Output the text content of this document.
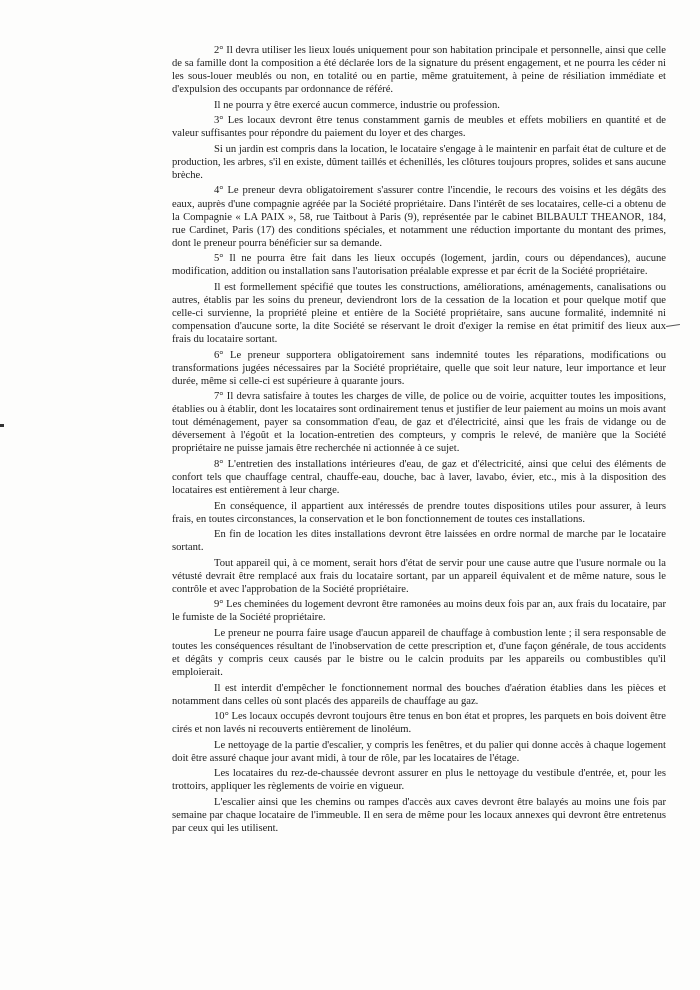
2° Il devra utiliser les lieux loués uniquement pour son habitation principale et personnelle, ainsi que celle de sa famille dont la composition a été déclarée lors de la signature du présent engagement, et ne pourra les céder ni les sous-louer meublés ou non, en totalité ou en partie, même gratuitement, à peine de résiliation immédiate et d'expulsion des occupants par ordonnance de référé.

Il ne pourra y être exercé aucun commerce, industrie ou profession.

3° Les locaux devront être tenus constamment garnis de meubles et effets mobiliers en quantité et de valeur suffisantes pour répondre du paiement du loyer et des charges.

Si un jardin est compris dans la location, le locataire s'engage à le maintenir en parfait état de culture et de production, les arbres, s'il en existe, dûment taillés et échenillés, les clôtures toujours propres, solides et sans aucune brèche.

4° Le preneur devra obligatoirement s'assurer contre l'incendie, le recours des voisins et les dégâts des eaux, auprès d'une compagnie agréée par la Société propriétaire. Dans l'intérêt de ses locataires, celle-ci a obtenu de la Compagnie « LA PAIX », 58, rue Taitbout à Paris (9), représentée par le cabinet BILBAULT THEANOR, 184, rue Cardinet, Paris (17) des conditions spéciales, et notamment une réduction importante du montant des primes, dont le preneur pourra bénéficier sur sa demande.

5° Il ne pourra être fait dans les lieux occupés (logement, jardin, cours ou dépendances), aucune modification, addition ou installation sans l'autorisation préalable expresse et par écrit de la Société propriétaire.

Il est formellement spécifié que toutes les constructions, améliorations, aménagements, canalisations ou autres, établis par les soins du preneur, deviendront lors de la cessation de la location et pour quelque motif que celle-ci survienne, la propriété pleine et entière de la Société propriétaire, sans aucune formalité, indemnité ni compensation d'aucune sorte, la dite Société se réservant le droit d'exiger la remise en état primitif des lieux aux frais du locataire sortant.

6° Le preneur supportera obligatoirement sans indemnité toutes les réparations, modifications ou transformations jugées nécessaires par la Société propriétaire, quelle que soit leur nature, leur importance et leur durée, même si celle-ci est supérieure à quarante jours.

7° Il devra satisfaire à toutes les charges de ville, de police ou de voirie, acquitter toutes les impositions, établies ou à établir, dont les locataires sont ordinairement tenus et justifier de leur paiement au moins un mois avant tout déménagement, payer sa consommation d'eau, de gaz et d'électricité, ainsi que les frais de vidange ou de déversement à l'égoût et la location-entretien des compteurs, y compris le relevé, de manière que la Société propriétaire ne puisse jamais être recherchée ni actionnée à ce sujet.

8° L'entretien des installations intérieures d'eau, de gaz et d'électricité, ainsi que celui des éléments de confort tels que chauffage central, chauffe-eau, douche, bac à laver, lavabo, évier, etc., mis à la disposition des locataires est entièrement à leur charge.

En conséquence, il appartient aux intéressés de prendre toutes dispositions utiles pour assurer, à leurs frais, en toutes circonstances, la conservation et le bon fonctionnement de toutes ces installations.

En fin de location les dites installations devront être laissées en ordre normal de marche par le locataire sortant.

Tout appareil qui, à ce moment, serait hors d'état de servir pour une cause autre que l'usure normale ou la vétusté devrait être remplacé aux frais du locataire sortant, par un appareil équivalent et de même nature, sous le contrôle et avec l'approbation de la Société propriétaire.

9° Les cheminées du logement devront être ramonées au moins deux fois par an, aux frais du locataire, par le fumiste de la Société propriétaire.

Le preneur ne pourra faire usage d'aucun appareil de chauffage à combustion lente ; il sera responsable de toutes les conséquences résultant de l'inobservation de cette prescription et, d'une façon générale, de tous accidents et dégâts y compris ceux causés par le bistre ou le calcin produits par les appareils ou combustibles qu'il emploierait.

Il est interdit d'empêcher le fonctionnement normal des bouches d'aération établies dans les pièces et notamment dans celles où sont placés des appareils de chauffage au gaz.

10° Les locaux occupés devront toujours être tenus en bon état et propres, les parquets en bois doivent être cirés et non lavés ni recouverts entièrement de linoléum.

Le nettoyage de la partie d'escalier, y compris les fenêtres, et du palier qui donne accès à chaque logement doit être assuré chaque jour avant midi, à tour de rôle, par les locataires de l'étage.

Les locataires du rez-de-chaussée devront assurer en plus le nettoyage du vestibule d'entrée, et, pour les trottoirs, appliquer les règlements de voirie en vigueur.

L'escalier ainsi que les chemins ou rampes d'accès aux caves devront être balayés au moins une fois par semaine par chaque locataire de l'immeuble. Il en sera de même pour les locaux annexes qui devront être entretenus par ceux qui les utilisent.
